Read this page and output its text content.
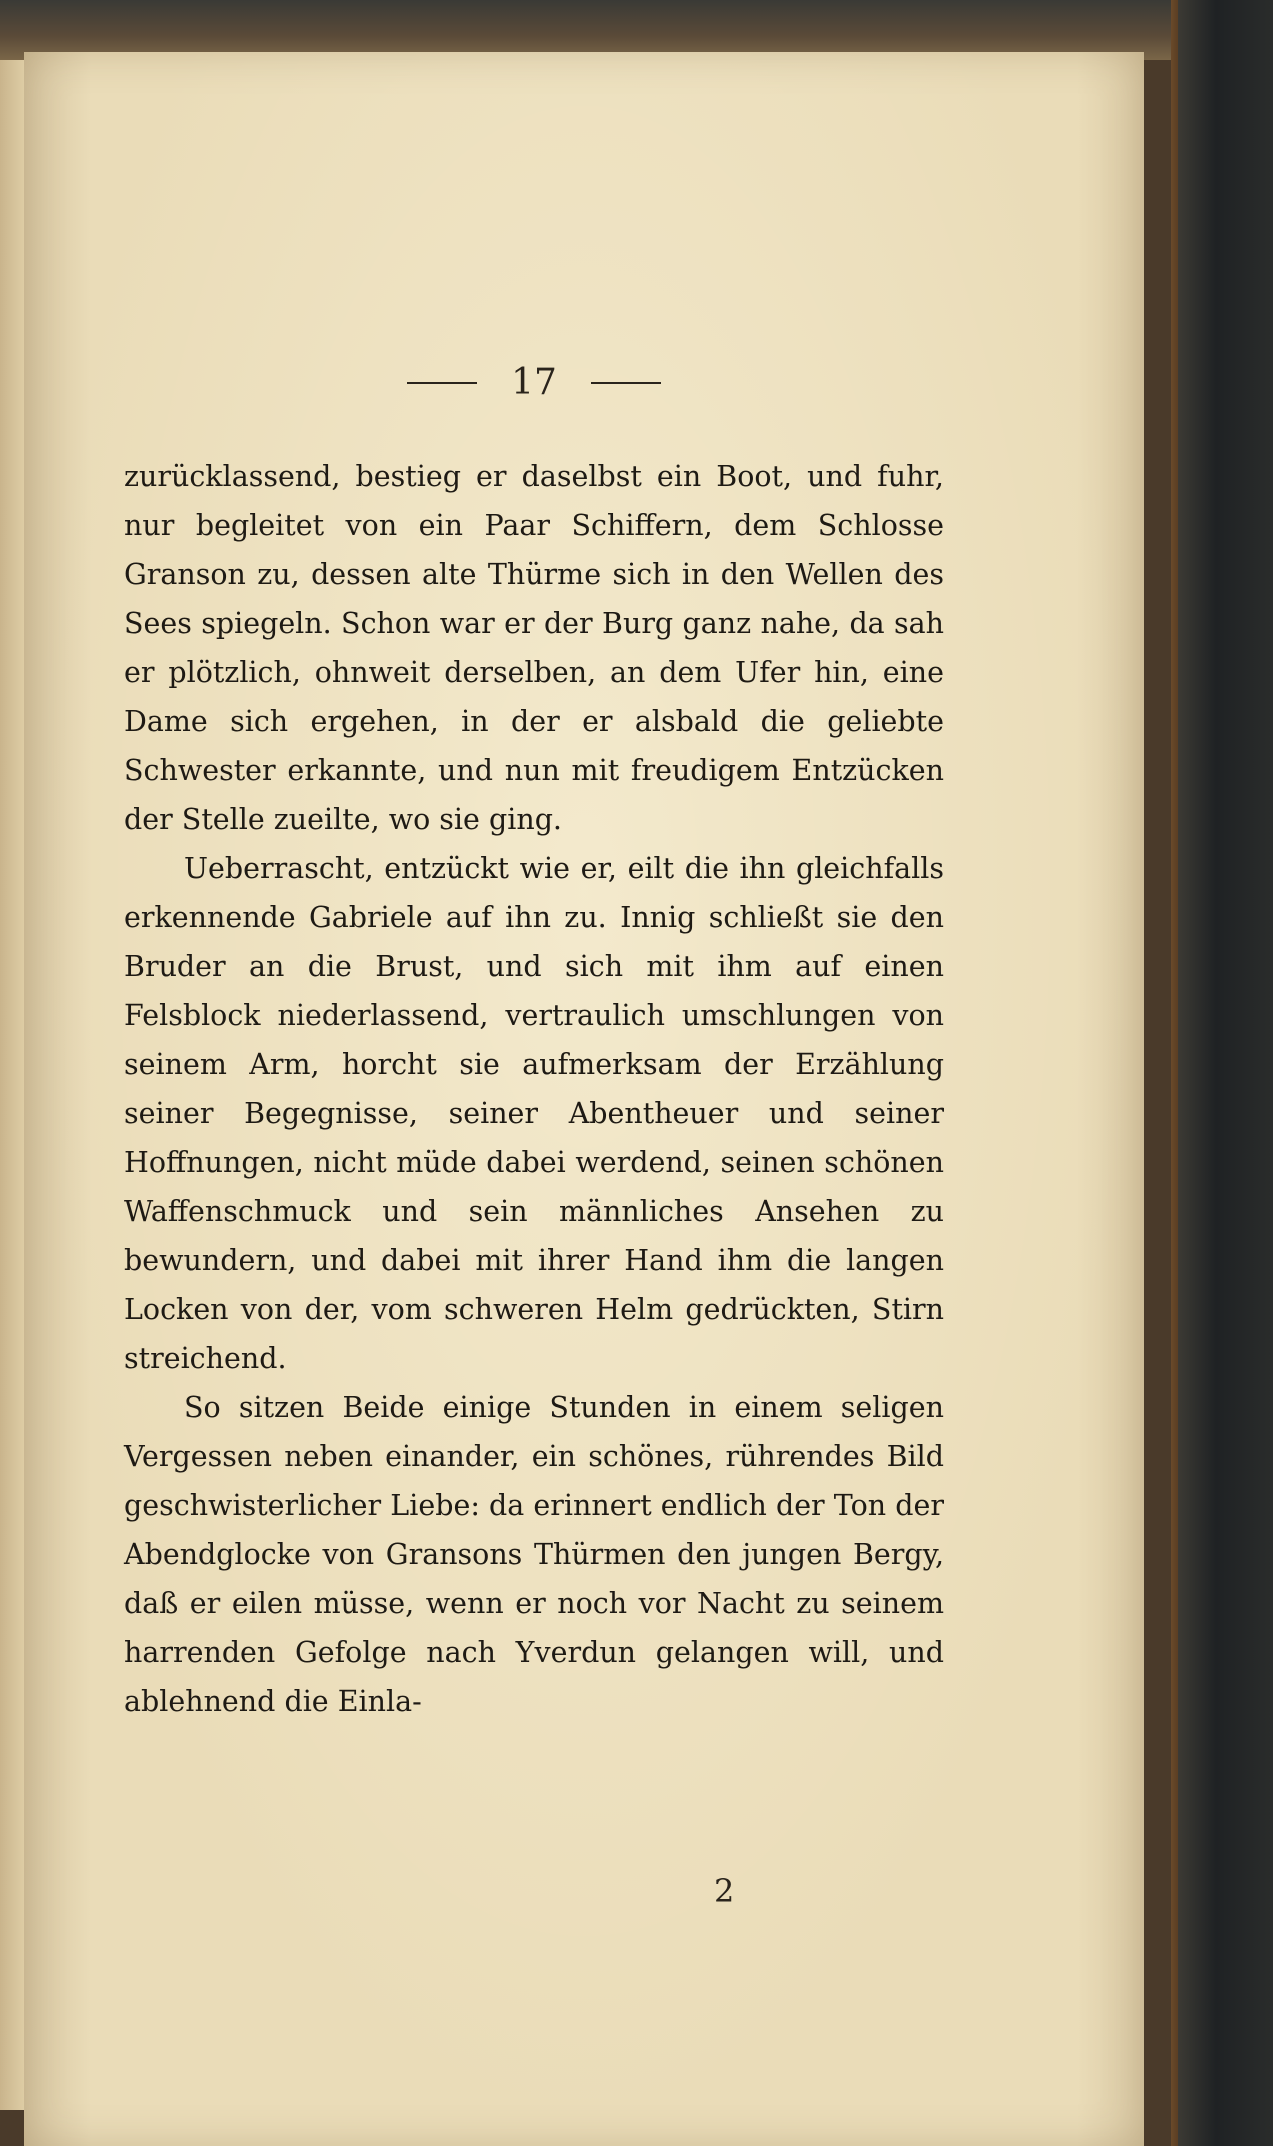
17

zurücklassend, bestieg er daselbst ein Boot, und fuhr, nur begleitet von ein Paar Schiffern, dem Schlosse Granson zu, dessen alte Thürme sich in den Wellen des Sees spiegeln. Schon war er der Burg ganz nahe, da sah er plötzlich, ohnweit derselben, an dem Ufer hin, eine Dame sich ergehen, in der er alsbald die geliebte Schwester erkannte, und nun mit freudigem Entzücken der Stelle zueilte, wo sie ging.

Ueberrascht, entzückt wie er, eilt die ihn gleichfalls erkennende Gabriele auf ihn zu. Innig schließt sie den Bruder an die Brust, und sich mit ihm auf einen Felsblock niederlassend, vertraulich umschlungen von seinem Arm, horcht sie aufmerksam der Erzählung seiner Begegnisse, seiner Abentheuer und seiner Hoffnungen, nicht müde dabei werdend, seinen schönen Waffenschmuck und sein männliches Ansehen zu bewundern, und dabei mit ihrer Hand ihm die langen Locken von der, vom schweren Helm gedrückten, Stirn streichend.

So sitzen Beide einige Stunden in einem seligen Vergessen neben einander, ein schönes, rührendes Bild geschwisterlicher Liebe: da erinnert endlich der Ton der Abendglocke von Gransons Thürmen den jungen Bergy, daß er eilen müsse, wenn er noch vor Nacht zu seinem harrenden Gefolge nach Yverdun gelangen will, und ablehnend die Einla-

2
